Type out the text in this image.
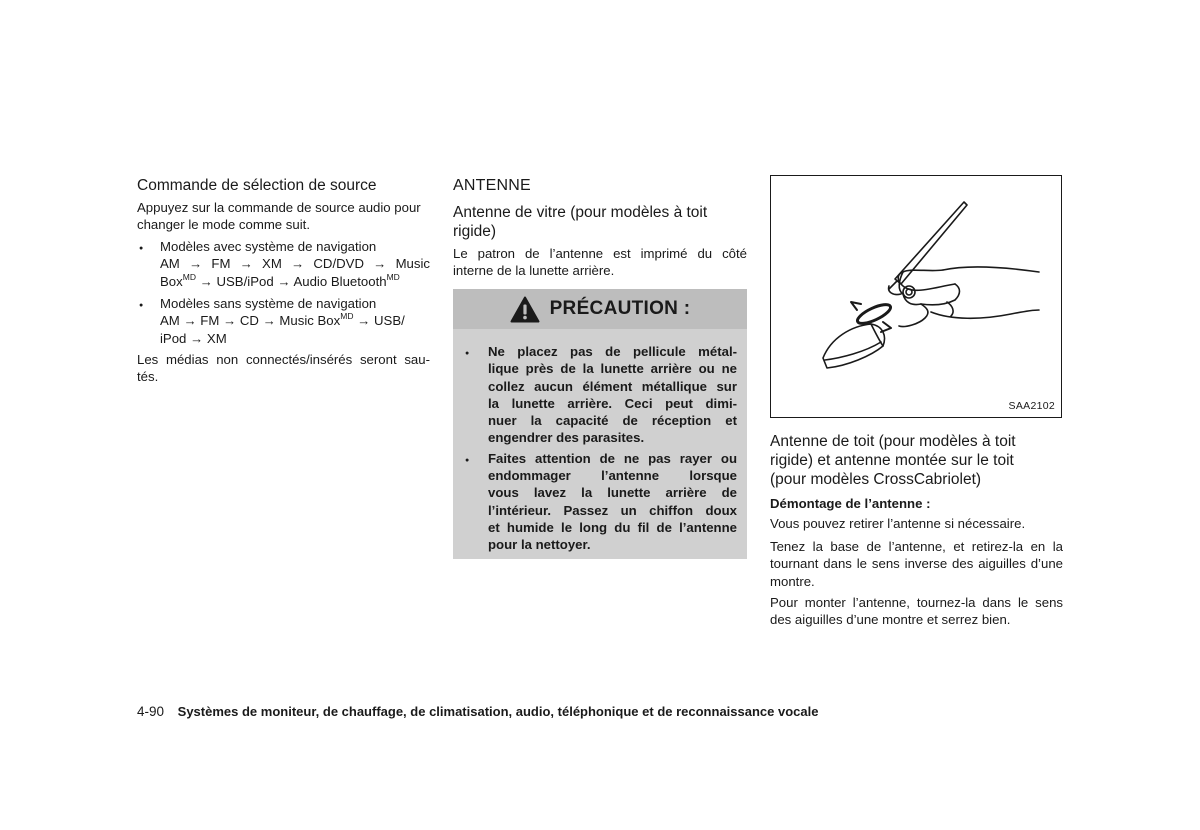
Commande de sélection de source

Appuyez sur la commande de source audio pour
changer le mode comme suit.

● Modèles avec système de navigation
AM → FM → XM → CD/DVD → Music
Box$^{MD}$ → USB/iPod → Audio Bluetooth$^{MD}$
● Modèles sans système de navigation
AM → FM → CD → Music Box$^{MD}$ → USB/
iPod → XM

Les médias non connectés/insérés seront sau-
tés.

ANTENNE
Antenne de vitre (pour modèles à toit
rigide)

Le patron de l’antenne est imprimé du côté
interne de la lunette arrière.

PRÉCAUTION :
● Ne placez pas de pellicule métal-
lique près de la lunette arrière ou ne
collez aucun élément métallique sur
la lunette arrière. Ceci peut dimi-
nuer la capacité de réception et
engendrer des parasites.
● Faites attention de ne pas rayer ou
endommager l’antenne lorsque
vous lavez la lunette arrière de
l’intérieur. Passez un chiffon doux
et humide le long du fil de l’antenne
pour la nettoyer.
SAA2102
Antenne de toit (pour modèles à toit
rigide) et antenne montée sur le toit
(pour modèles CrossCabriolet)

Démontage de l’antenne :

Vous pouvez retirer l’antenne si nécessaire.

Tenez la base de l’antenne, et retirez-la en la
tournant dans le sens inverse des aiguilles d’une
montre.

Pour monter l’antenne, tournez-la dans le sens
des aiguilles d’une montre et serrez bien.

4-90 Systèmes de moniteur, de chauffage, de climatisation, audio, téléphonique et de reconnaissance vocale
